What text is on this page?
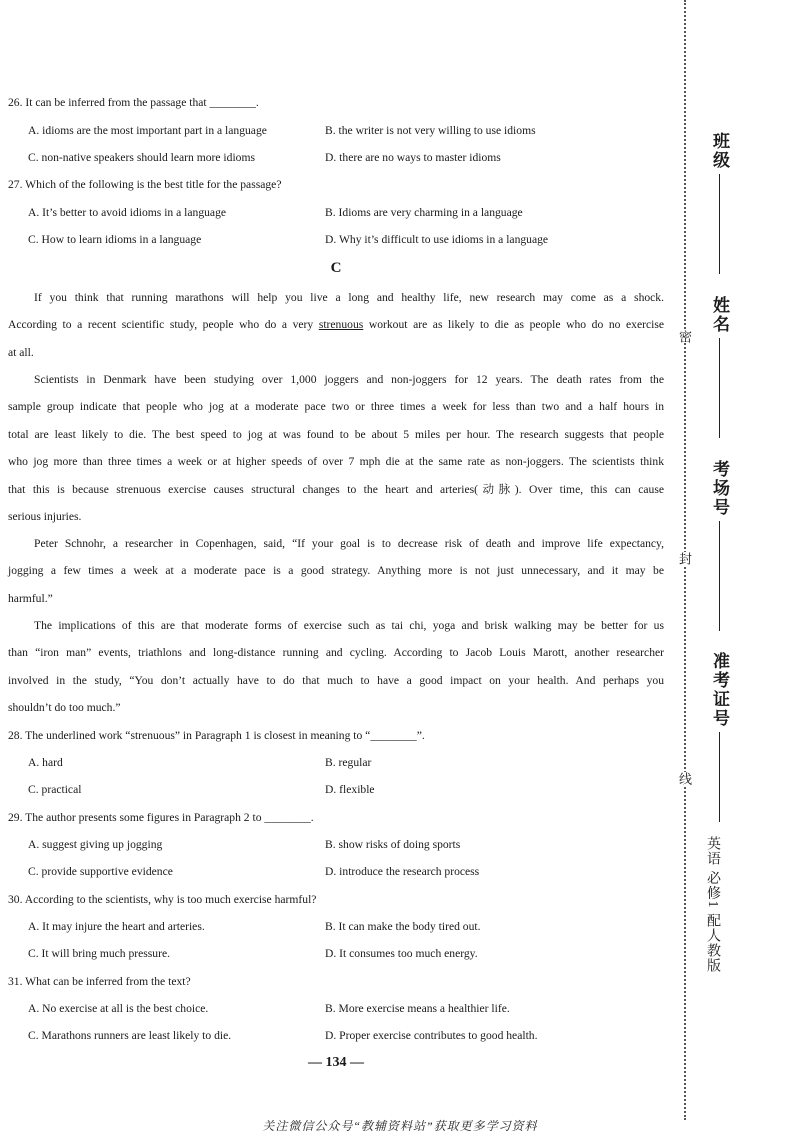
26. It can be inferred from the passage that ________.
A. idioms are the most important part in a language	B. the writer is not very willing to use idioms
C. non-native speakers should learn more idioms	D. there are no ways to master idioms
27. Which of the following is the best title for the passage?
A. It’s better to avoid idioms in a language	B. Idioms are very charming in a language
C. How to learn idioms in a language	D. Why it’s difficult to use idioms in a language
C
If you think that running marathons will help you live a long and healthy life, new research may come as a shock.
According to a recent scientific study, people who do a very strenuous workout are as likely to die as people who do no exercise
at all.
Scientists in Denmark have been studying over 1,000 joggers and non-joggers for 12 years. The death rates from the
sample group indicate that people who jog at a moderate pace two or three times a week for less than two and a half hours in
total are least likely to die. The best speed to jog at was found to be about 5 miles per hour. The research suggests that people
who jog more than three times a week or at higher speeds of over 7 mph die at the same rate as non-joggers. The scientists think
that this is because strenuous exercise causes structural changes to the heart and arteries(动脉). Over time, this can cause
serious injuries.
Peter Schnohr, a researcher in Copenhagen, said, “If your goal is to decrease risk of death and improve life expectancy,
jogging a few times a week at a moderate pace is a good strategy. Anything more is not just unnecessary, and it may be
harmful.”
The implications of this are that moderate forms of exercise such as tai chi, yoga and brisk walking may be better for us
than “iron man” events, triathlons and long-distance running and cycling. According to Jacob Louis Marott, another researcher
involved in the study, “You don’t actually have to do that much to have a good impact on your health. And perhaps you
shouldn’t do too much.”
28. The underlined work “strenuous” in Paragraph 1 is closest in meaning to “________”.
A. hard	B. regular
C. practical	D. flexible
29. The author presents some figures in Paragraph 2 to ________.
A. suggest giving up jogging	B. show risks of doing sports
C. provide supportive evidence	D. introduce the research process
30. According to the scientists, why is too much exercise harmful?
A. It may injure the heart and arteries.	B. It can make the body tired out.
C. It will bring much pressure.	D. It consumes too much energy.
31. What can be inferred from the text?
A. No exercise at all is the best choice.	B. More exercise means a healthier life.
C. Marathons runners are least likely to die.	D. Proper exercise contributes to good health.
— 134 —
关注微信公众号“教辅资料站”获取更多学习资料
班级
姓名
考场号
准考证号
密
封
线
英语 必修1 配人教版
